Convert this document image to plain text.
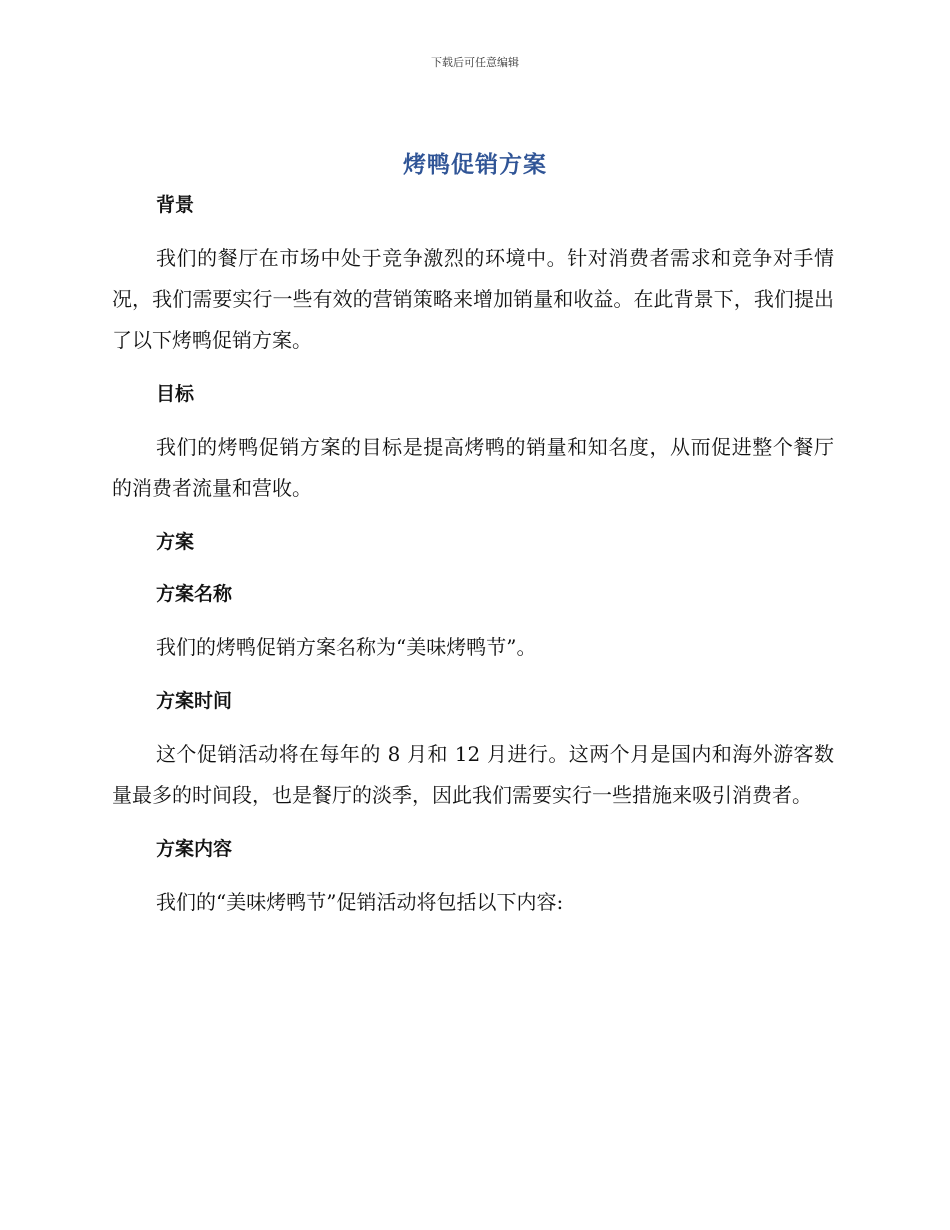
下载后可任意编辑
烤鸭促销方案

背景

我们的餐厅在市场中处于竞争激烈的环境中。针对消费者需求和竞争对手情况，我们需要实行一些有效的营销策略来增加销量和收益。在此背景下，我们提出了以下烤鸭促销方案。

目标

我们的烤鸭促销方案的目标是提高烤鸭的销量和知名度，从而促进整个餐厅的消费者流量和营收。

方案

方案名称

我们的烤鸭促销方案名称为“美味烤鸭节”。

方案时间

这个促销活动将在每年的 8 月和 12 月进行。这两个月是国内和海外游客数量最多的时间段，也是餐厅的淡季，因此我们需要实行一些措施来吸引消费者。

方案内容

我们的“美味烤鸭节”促销活动将包括以下内容:
